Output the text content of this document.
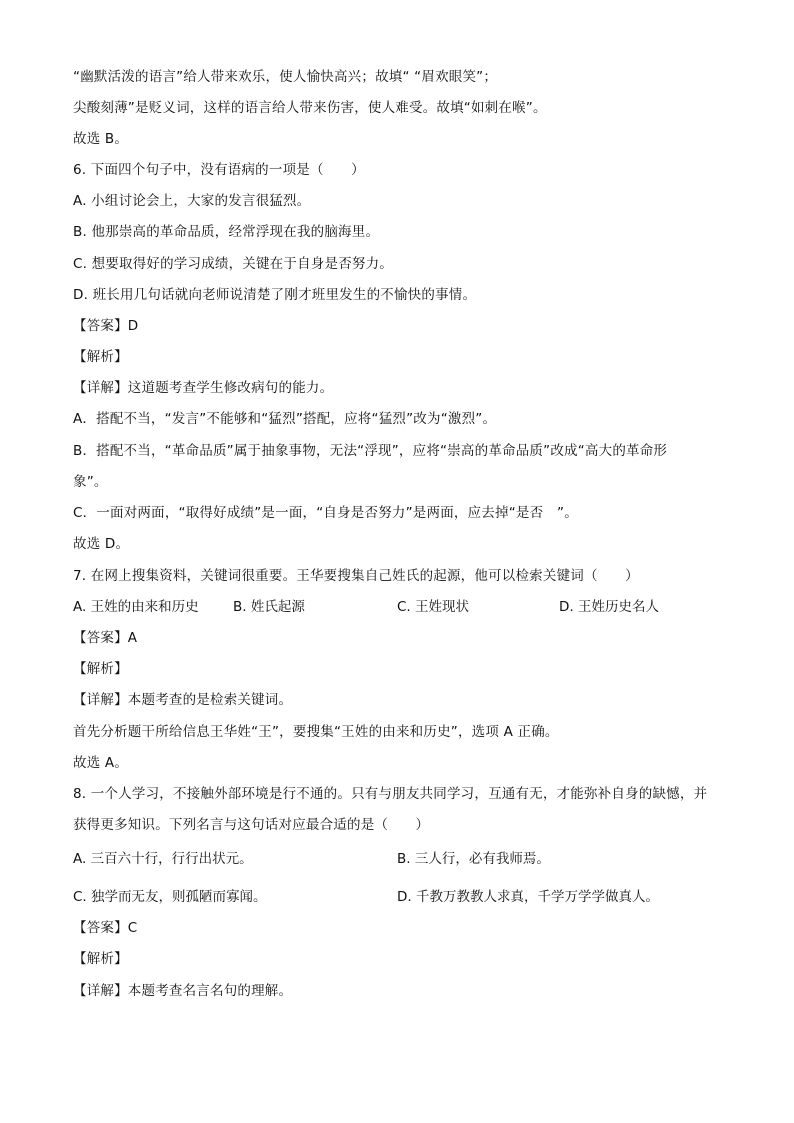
“幽默活泼的语言”给人带来欢乐，使人愉快高兴；故填“ “眉欢眼笑”；
尖酸刻薄”是贬义词，这样的语言给人带来伤害，使人难受。故填“如刺在喉”。
故选 B。
6. 下面四个句子中，没有语病的一项是（　　）
A. 小组讨论会上，大家的发言很猛烈。
B. 他那崇高的革命品质，经常浮现在我的脑海里。
C. 想要取得好的学习成绩，关键在于自身是否努力。
D. 班长用几句话就向老师说清楚了刚才班里发生的不愉快的事情。
【答案】D
【解析】
【详解】这道题考查学生修改病句的能力。
A．搭配不当，“发言”不能够和“猛烈”搭配，应将“猛烈”改为“激烈”。
B．搭配不当，“革命品质”属于抽象事物，无法“浮现”，应将“崇高的革命品质”改成“高大的革命形
象”。
C．一面对两面，“取得好成绩”是一面，“自身是否努力”是两面，应去掉“是否　”。
故选 D。
7. 在网上搜集资料，关键词很重要。王华要搜集自己姓氏的起源，他可以检索关键词（　　）
A. 王姓的由来和历史	B. 姓氏起源	C. 王姓现状	D. 王姓历史名人
【答案】A
【解析】
【详解】本题考查的是检索关键词。
首先分析题干所给信息王华姓“王”，要搜集“王姓的由来和历史”，选项 A 正确。
故选 A。
8. 一个人学习，不接触外部环境是行不通的。只有与朋友共同学习，互通有无，才能弥补自身的缺憾，并
获得更多知识。下列名言与这句话对应最合适的是（　　）
A. 三百六十行，行行出状元。	B. 三人行，必有我师焉。
C. 独学而无友，则孤陋而寡闻。	D. 千教万教教人求真，千学万学学做真人。
【答案】C
【解析】
【详解】本题考查名言名句的理解。
